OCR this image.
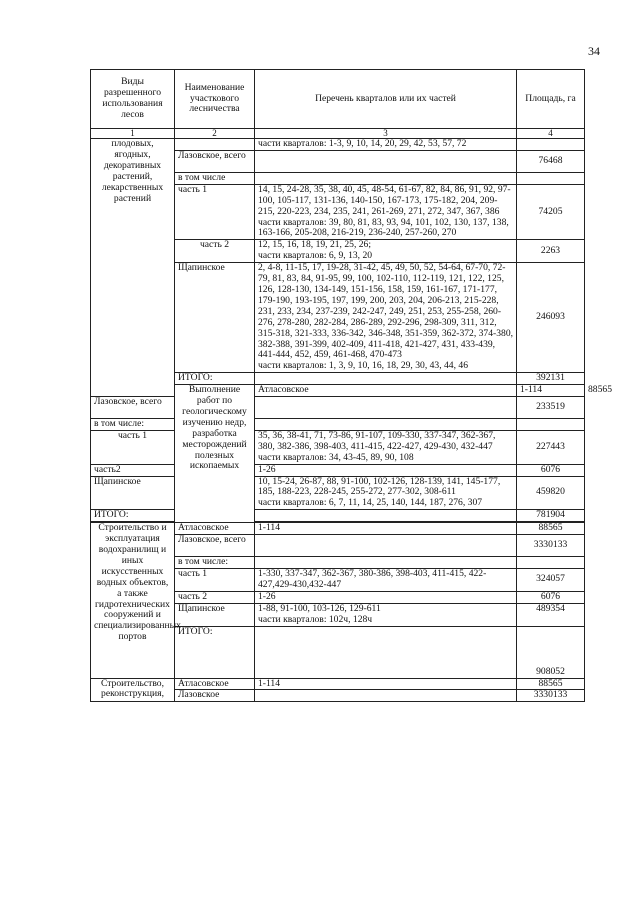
34
Виды разрешенного использования лесов	Наименование участкового лесничества	Перечень кварталов или их частей	Площадь, га	
1	2	3	4	
плодовых, ягодных, декоративных растений, лекарственных растений		части кварталов: 1-3, 9, 10, 14, 20, 29, 42, 53, 57, 72		
	Лазовское, всего		76468	
	в том числе			
	часть 1	14, 15, 24-28, 35, 38, 40, 45, 48-54, 61-67, 82, 84, 86, 91, 92, 97-100, 105-117, 131-136, 140-150, 167-173, 175-182, 204, 209-215, 220-223, 234, 235, 241, 261-269, 271, 272, 347, 367, 386
части кварталов: 39, 80, 81, 83, 93, 94, 101, 102, 130, 137, 138, 163-166, 205-208, 216-219, 236-240, 257-260, 270	74205	
	часть 2	12, 15, 16, 18, 19, 21, 25, 26;
части кварталов: 6, 9, 13, 20	2263	
	Щапинское	2, 4-8, 11-15, 17, 19-28, 31-42, 45, 49, 50, 52, 54-64, 67-70, 72-79, 81, 83, 84, 91-95, 99, 100, 102-110, 112-119, 121, 122, 125, 126, 128-130, 134-149, 151-156, 158, 159, 161-167, 171-177, 179-190, 193-195, 197, 199, 200, 203, 204, 206-213, 215-228, 231, 233, 234, 237-239, 242-247, 249, 251, 253, 255-258, 260-276, 278-280, 282-284, 286-289, 292-296, 298-309, 311, 312, 315-318, 321-333, 336-342, 346-348, 351-359, 362-372, 374-380, 382-388, 391-399, 402-409, 411-418, 421-427, 431, 433-439, 441-444, 452, 459, 461-468, 470-473
части кварталов: 1, 3, 9, 10, 16, 18, 29, 30, 43, 44, 46	246093	
	ИТОГО:		392131	
	Выполнение работ по геологическому изучению недр, разработка месторождений полезных ископаемых	Атласовское	1-114	88565
Лазовское, всего			233519	
в том числе:				
часть 1		35, 36, 38-41, 71, 73-86, 91-107, 109-330, 337-347, 362-367, 380, 382-386, 398-403, 411-415, 422-427, 429-430, 432-447
части кварталов: 34, 43-45, 89, 90, 108	227443	
часть2		1-26	6076	
Щапинское		10, 15-24, 26-87, 88, 91-100, 102-126, 128-139, 141, 145-177, 185, 188-223, 228-245, 255-272, 277-302, 308-611
части кварталов: 6, 7, 11, 14, 25, 140, 144, 187, 276, 307	459820	
ИТОГО:			781904	

Строительство и эксплуатация водохранилищ и иных искусственных водных объектов, а также гидротехнических сооружений и специализированных портов	Атласовское	1-114	88565	
	Лазовское, всего		3330133	
	в том числе:			
	часть 1	1-330, 337-347, 362-367, 380-386, 398-403, 411-415, 422-427,429-430,432-447	324057	
	часть 2	1-26	6076	
	Щапинское	1-88, 91-100, 103-126, 129-611
части кварталов: 102ч, 128ч	489354	
	ИТОГО:		908052	
Строительство, реконструкция,	Атласовское	1-114	88565	
	Лазовское		3330133	
